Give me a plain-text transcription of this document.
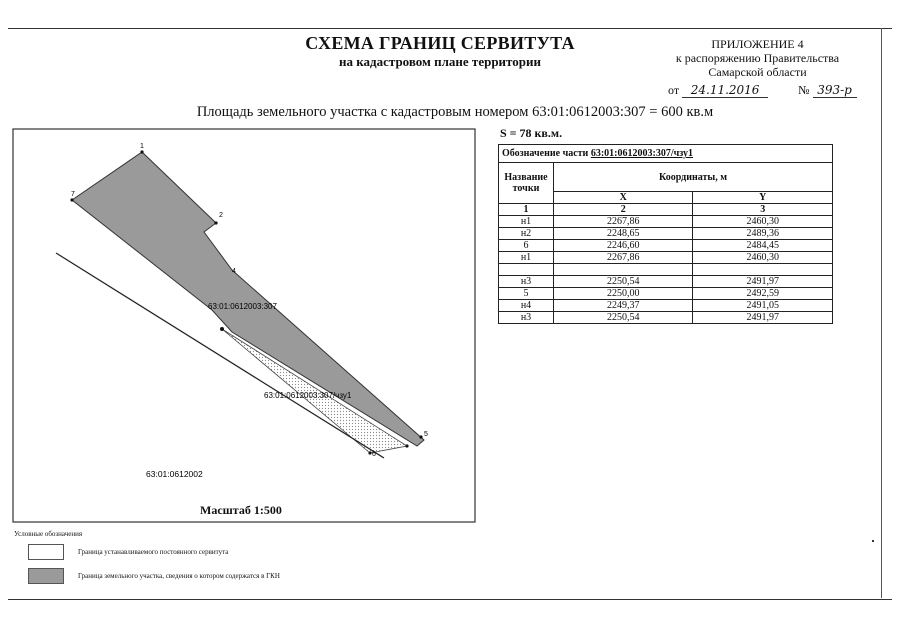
СХЕМА ГРАНИЦ СЕРВИТУТА
на кадастровом плане территории
ПРИЛОЖЕНИЕ 4
к распоряжению Правительства
Самарской области
от 24.11.2016	№ 393-р
Площадь земельного участка с кадастровым номером 63:01:0612003:307 = 600 кв.м
1
2
4
5
6
7
63:01:0612003:307
63:01:0612003:307/чзу1
63:01:0612002
Масштаб 1:500
S = 78 кв.м.
Обозначение части 63:01:0612003:307/чзу1		
Название точки	Координаты, м	
	X	Y
1	2	3
н1	2267,86	2460,30
н2	2248,65	2489,36
6	2246,60	2484,45
н1	2267,86	2460,30

н3	2250,54	2491,97
5	2250,00	2492,59
н4	2249,37	2491,05
н3	2250,54	2491,97
Условные обозначения
Граница устанавливаемого постоянного сервитута
Граница земельного участка, сведения о котором содержатся в ГКН
